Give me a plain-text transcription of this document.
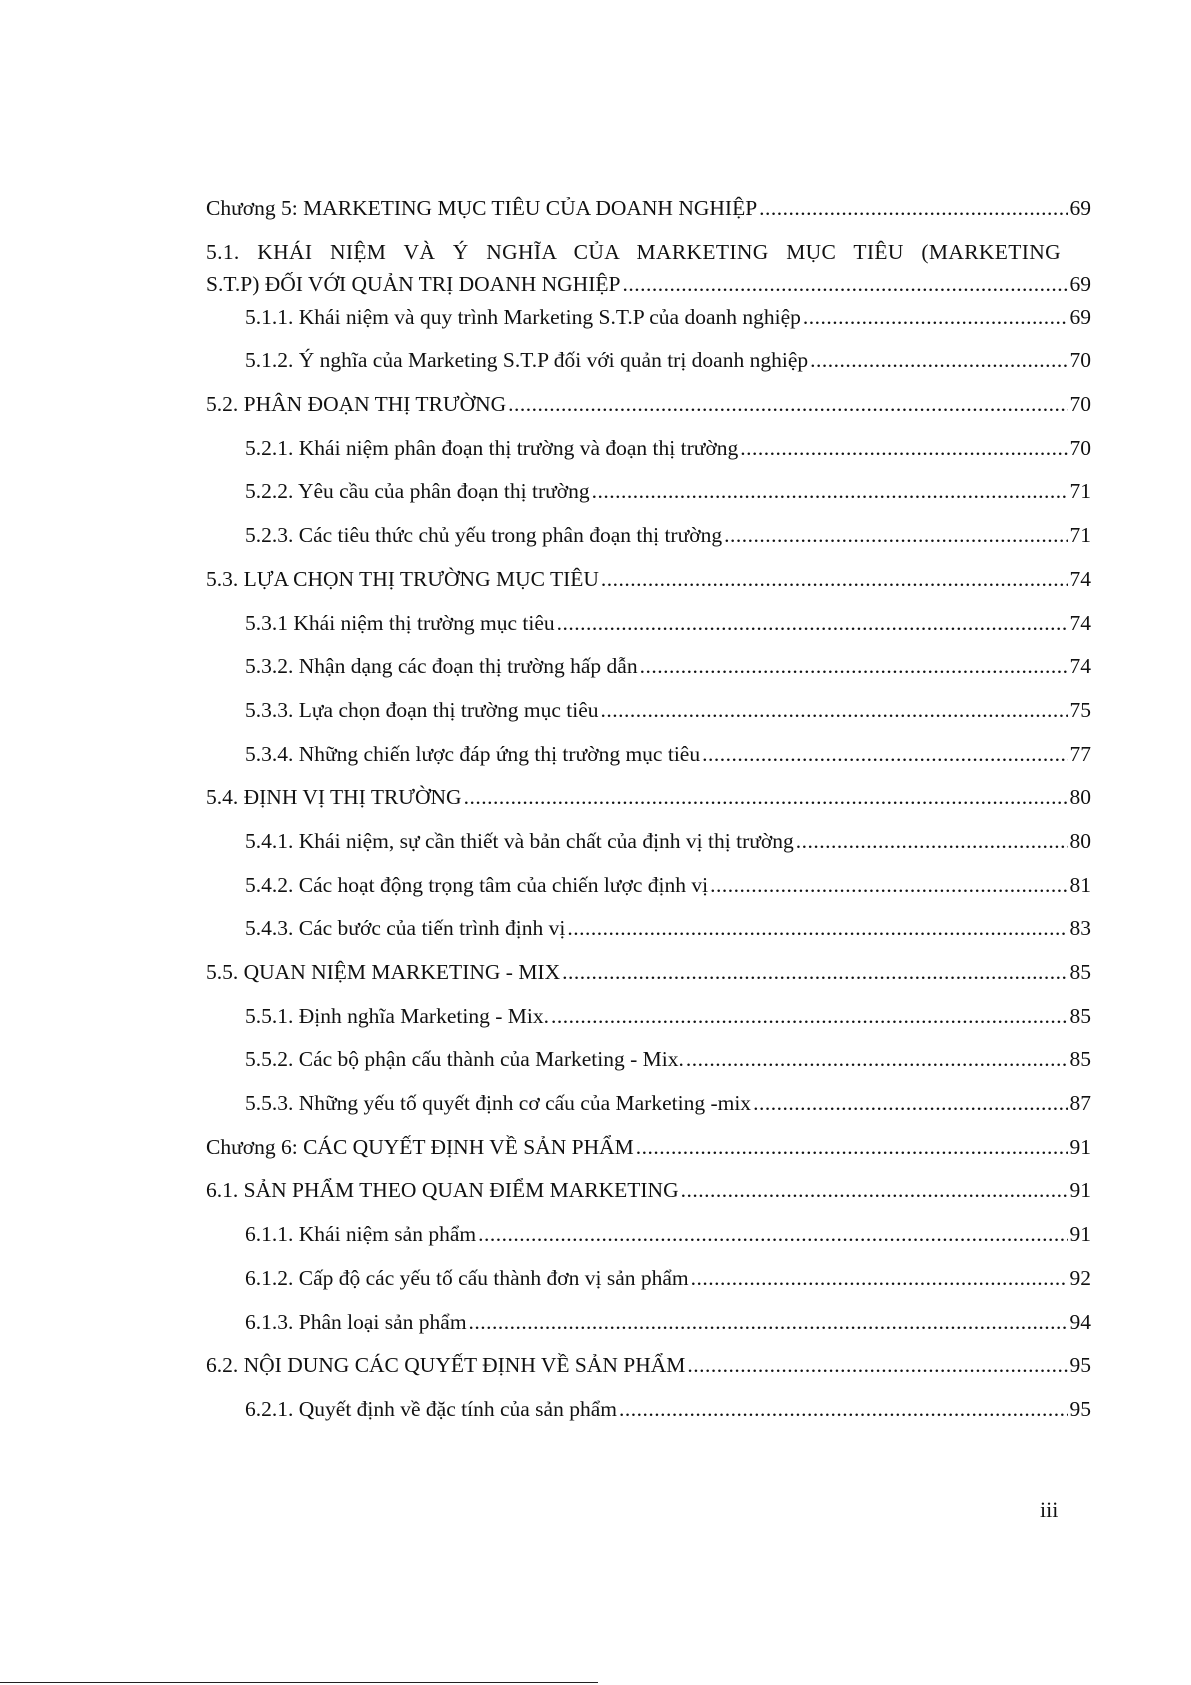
Chương 5: MARKETING MỤC TIÊU CỦA DOANH NGHIỆP .....	69
5.1. KHÁI NIỆM VÀ Ý NGHĨA CỦA MARKETING MỤC TIÊU (MARKETING
S.T.P) ĐỐI VỚI QUẢN TRỊ DOANH NGHIỆP .....	69
5.1.1. Khái niệm và quy trình Marketing S.T.P của doanh nghiệp .....	69
5.1.2. Ý nghĩa của Marketing S.T.P đối với quản trị doanh nghiệp .....	70
5.2. PHÂN ĐOẠN THỊ TRƯỜNG .....	70
5.2.1. Khái niệm phân đoạn thị trường và đoạn thị trường .....	70
5.2.2. Yêu cầu của phân đoạn thị trường .....	71
5.2.3. Các tiêu thức chủ yếu trong phân đoạn thị trường .....	71
5.3. LỰA CHỌN THỊ TRƯỜNG MỤC TIÊU .....	74
5.3.1 Khái niệm thị trường mục tiêu .....	74
5.3.2. Nhận dạng các đoạn thị trường hấp dẫn .....	74
5.3.3. Lựa chọn đoạn thị trường mục tiêu .....	75
5.3.4. Những chiến lược đáp ứng thị trường mục tiêu .....	77
5.4. ĐỊNH VỊ THỊ TRƯỜNG .....	80
5.4.1. Khái niệm, sự cần thiết và bản chất của định vị thị trường .....	80
5.4.2. Các hoạt động trọng tâm của chiến lược định vị .....	81
5.4.3. Các bước của tiến trình định vị .....	83
5.5. QUAN NIỆM MARKETING - MIX .....	85
5.5.1. Định nghĩa Marketing - Mix. .....	85
5.5.2. Các bộ phận cấu thành của Marketing - Mix. .....	85
5.5.3. Những yếu tố quyết định cơ cấu của Marketing -mix .....	87
Chương 6: CÁC QUYẾT ĐỊNH VỀ SẢN PHẨM .....	91
6.1. SẢN PHẨM THEO QUAN ĐIỂM MARKETING .....	91
6.1.1. Khái niệm sản phẩm .....	91
6.1.2. Cấp độ các yếu tố cấu thành đơn vị sản phẩm .....	92
6.1.3. Phân loại sản phẩm .....	94
6.2. NỘI DUNG CÁC QUYẾT ĐỊNH VỀ SẢN PHẨM .....	95
6.2.1. Quyết định về đặc tính của sản phẩm .....	95
iii
